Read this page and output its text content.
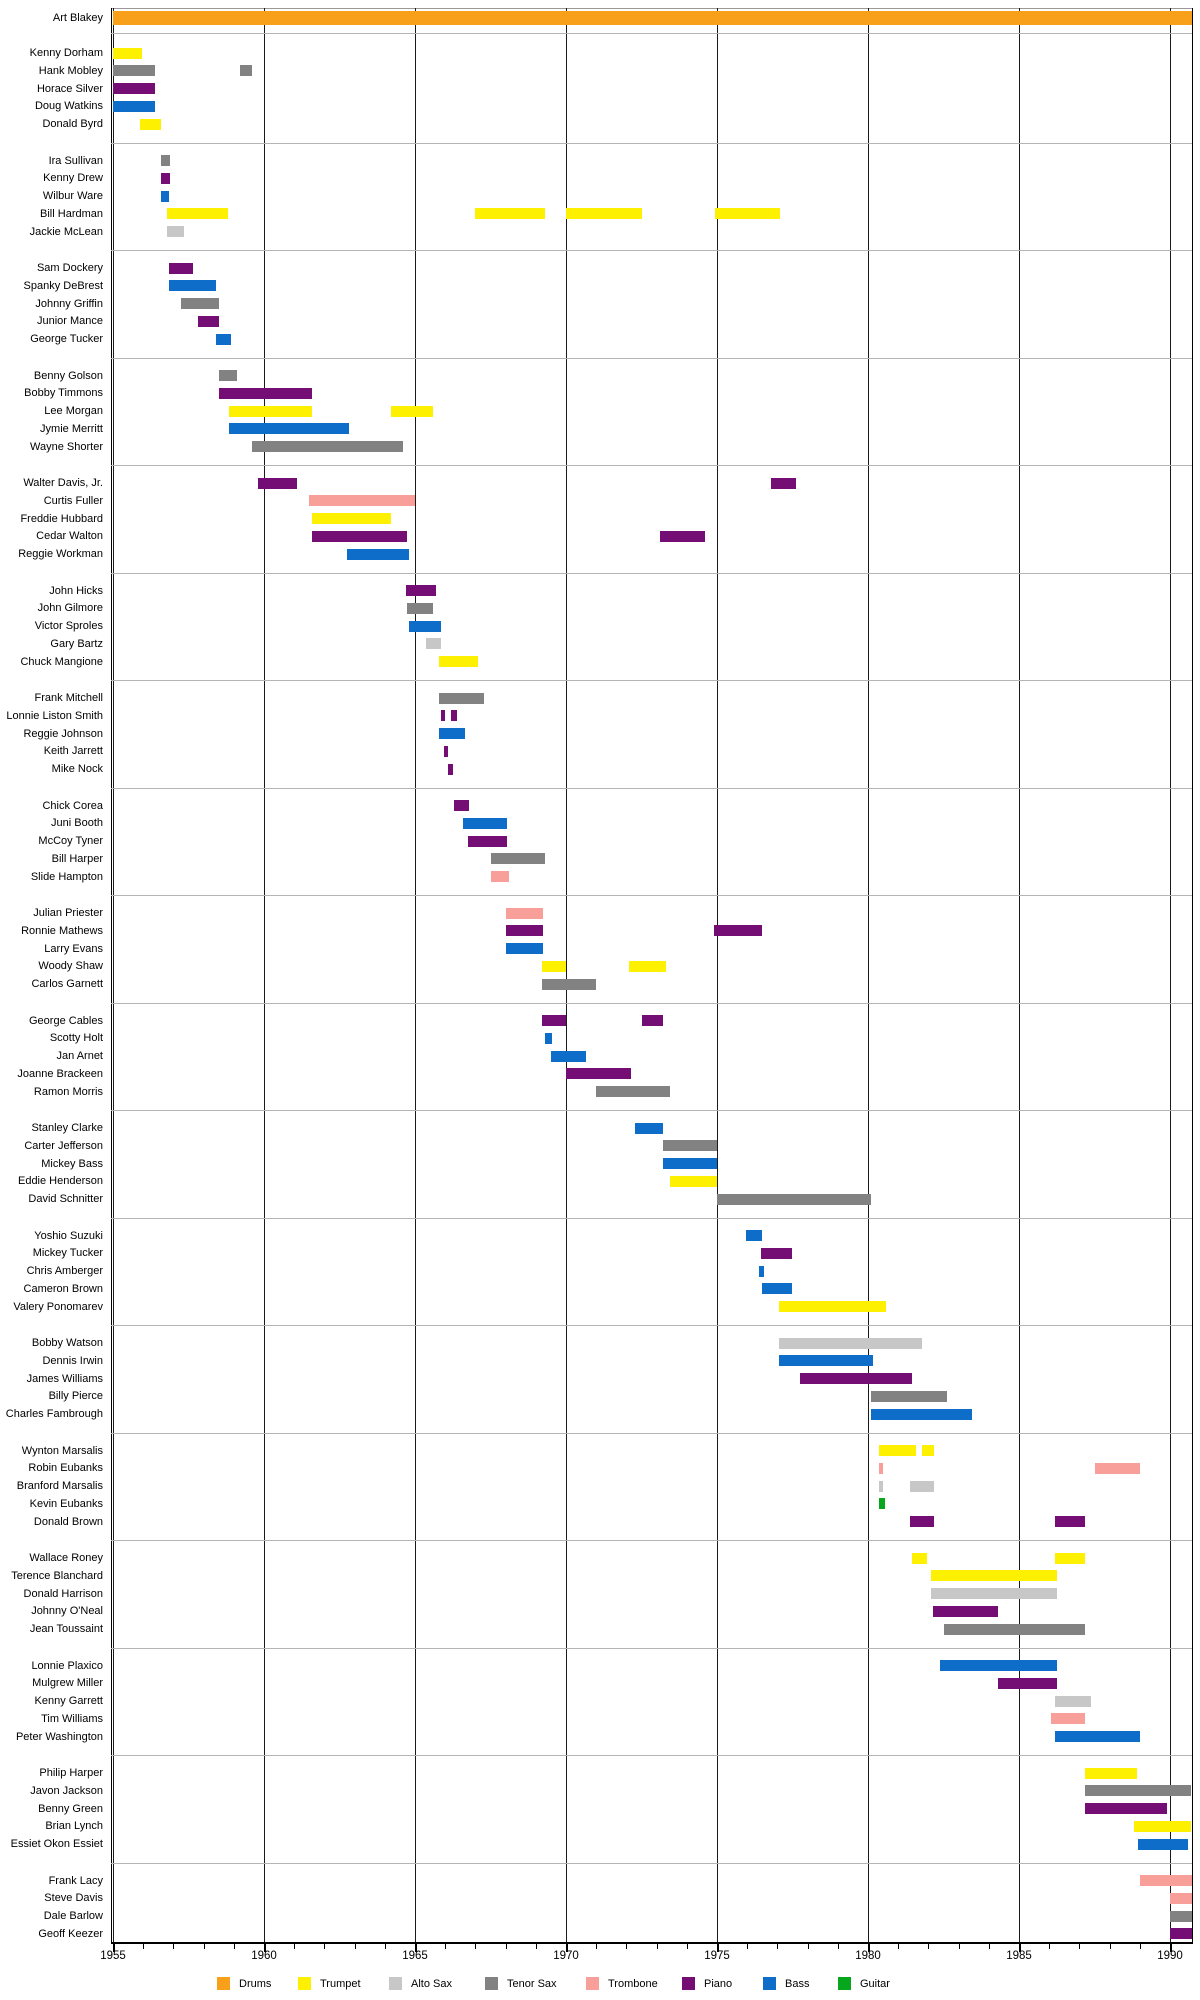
Art Blakey
Kenny Dorham
Hank Mobley
Horace Silver
Doug Watkins
Donald Byrd
Ira Sullivan
Kenny Drew
Wilbur Ware
Bill Hardman
Jackie McLean
Sam Dockery
Spanky DeBrest
Johnny Griffin
Junior Mance
George Tucker
Benny Golson
Bobby Timmons
Lee Morgan
Jymie Merritt
Wayne Shorter
Walter Davis, Jr.
Curtis Fuller
Freddie Hubbard
Cedar Walton
Reggie Workman
John Hicks
John Gilmore
Victor Sproles
Gary Bartz
Chuck Mangione
Frank Mitchell
Lonnie Liston Smith
Reggie Johnson
Keith Jarrett
Mike Nock
Chick Corea
Juni Booth
McCoy Tyner
Bill Harper
Slide Hampton
Julian Priester
Ronnie Mathews
Larry Evans
Woody Shaw
Carlos Garnett
George Cables
Scotty Holt
Jan Arnet
Joanne Brackeen
Ramon Morris
Stanley Clarke
Carter Jefferson
Mickey Bass
Eddie Henderson
David Schnitter
Yoshio Suzuki
Mickey Tucker
Chris Amberger
Cameron Brown
Valery Ponomarev
Bobby Watson
Dennis Irwin
James Williams
Billy Pierce
Charles Fambrough
Wynton Marsalis
Robin Eubanks
Branford Marsalis
Kevin Eubanks
Donald Brown
Wallace Roney
Terence Blanchard
Donald Harrison
Johnny O'Neal
Jean Toussaint
Lonnie Plaxico
Mulgrew Miller
Kenny Garrett
Tim Williams
Peter Washington
Philip Harper
Javon Jackson
Benny Green
Brian Lynch
Essiet Okon Essiet
Frank Lacy
Steve Davis
Dale Barlow
Geoff Keezer
1955	1960	1965	1970	1975	1980	1985	1990
Drums	Trumpet	Alto Sax	Tenor Sax	Trombone	Piano	Bass	Guitar
